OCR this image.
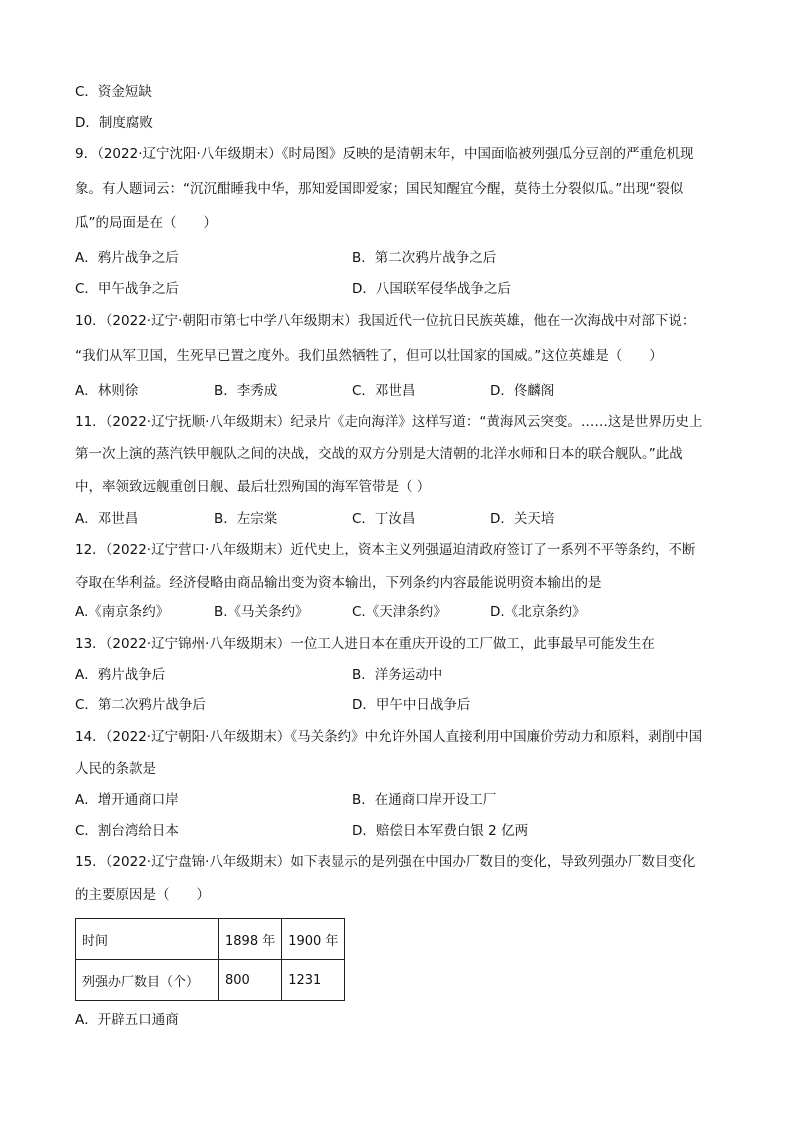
C．资金短缺
D．制度腐败
9．（2022·辽宁沈阳·八年级期末）《时局图》反映的是清朝末年，中国面临被列强瓜分豆剖的严重危机现
象。有人题词云：“沉沉酣睡我中华，那知爱国即爱家；国民知醒宜今醒，莫待土分裂似瓜。”出现“裂似
瓜”的局面是在（　　）
A．鸦片战争之后	B．第二次鸦片战争之后
C．甲午战争之后	D．八国联军侵华战争之后
10．（2022·辽宁·朝阳市第七中学八年级期末）我国近代一位抗日民族英雄，他在一次海战中对部下说：
“我们从军卫国，生死早已置之度外。我们虽然牺牲了，但可以壮国家的国威。”这位英雄是（　　）
A．林则徐	B．李秀成	C．邓世昌	D．佟麟阁
11．（2022·辽宁抚顺·八年级期末）纪录片《走向海洋》这样写道：“黄海风云突变。……这是世界历史上
第一次上演的蒸汽铁甲舰队之间的决战，交战的双方分别是大清朝的北洋水师和日本的联合舰队。”此战
中，率领致远舰重创日舰、最后壮烈殉国的海军管带是（ ）
A．邓世昌	B．左宗棠	C．丁汝昌	D．关天培
12．（2022·辽宁营口·八年级期末）近代史上，资本主义列强逼迫清政府签订了一系列不平等条约，不断
夺取在华利益。经济侵略由商品输出变为资本输出，下列条约内容最能说明资本输出的是
A.《南京条约》	B.《马关条约》	C.《天津条约》	D.《北京条约》
13．（2022·辽宁锦州·八年级期末）一位工人进日本在重庆开设的工厂做工，此事最早可能发生在
A．鸦片战争后	B．洋务运动中
C．第二次鸦片战争后	D．甲午中日战争后
14．（2022·辽宁朝阳·八年级期末）《马关条约》中允许外国人直接利用中国廉价劳动力和原料，剥削中国
人民的条款是
A．增开通商口岸	B．在通商口岸开设工厂
C．割台湾给日本	D．赔偿日本军费白银 2 亿两
15．（2022·辽宁盘锦·八年级期末）如下表显示的是列强在中国办厂数目的变化，导致列强办厂数目变化
的主要原因是（　　）
时间	1898 年	1900 年
列强办厂数目（个）	800	1231
A．开辟五口通商
